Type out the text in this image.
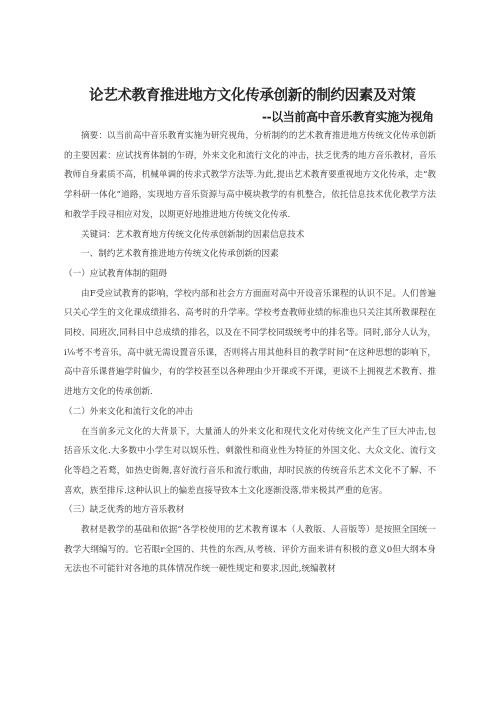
论艺术教育推进地方文化传承创新的制约因素及对策
--以当前高中音乐教育实施为视角

摘要：以当前高中音乐教育实施为研究视角，分析制约的艺术教育推进地方传统文化传承创新的主要因素：应试找育体制的乍碍，外来文化和流行文化的冲击，扶乏优秀的地方音乐教材，音乐教师自身素质不高，机械单调的传求式教学方法等.为此,提出艺术教育要重视地方文化传承，走“教学科研一体化”道路，实现地方音乐资源与高中模块教学的有机整合，依托信息技术优化教学方法和教学手段寻相应对发，以期更好地推进地方传统文化传承.

关键词：艺术教育地方传统文化传承创新制约因素信息技术

一、制约艺术教育推进地方传统文化传承创新的因素

（一）应试教育体制的阻碍

由F受应试教育的影响，学校内部和社会方方面面对高中开设音乐课程的认识不足。人们普遍只关心学生的文化课成绩排名、高考时的升学率。学校考查教师业绩的标准也只关注其所教课程在同校、同班次,同科目中总成绩的排名，以及在不同学校同级统考中的排名等。同时,部分人认为，i⅛考不考音乐，高中就无需设置音乐课，否则将占用其他科目的教学时间”在这种思想的影响下，高中音乐课普遍学时偏少，有的学校甚至以各种理由少开课或不开课，更谈不上拥视艺术教育、推进地方文化的传承创新.

（二）外来文化和流行文化的冲击

在当前多元文化的大背景下，大量涌人的外来文化和现代文化对传统文化产生了巨大冲击,包括音乐文化.大多数中小学生对以娱乐性、刺激性和商业性为特征的外国文化、大众文化、流行文化等趋之若鹜，如热史街舞,喜好流行音乐和流行歌曲，却时民族的传统音乐艺术文化不了解、不喜欢，族至排斥.这种认识上的偏差直接导致本土文化逐渐没落,带来极其严重的危害。

（三）缺乏优秀的地方音乐教材

教材是教学的基础和依据“各学校使用的艺术教育课本（人教版、人音版等）是按照全国统一教学大纲编写的。它若眼r全国的、共性的东西,从考核、评价方面来讲有积极的意义0但大纲本身无法也不可能针对各地的具体情况作统一硬性规定和要求,因此,统编教材
